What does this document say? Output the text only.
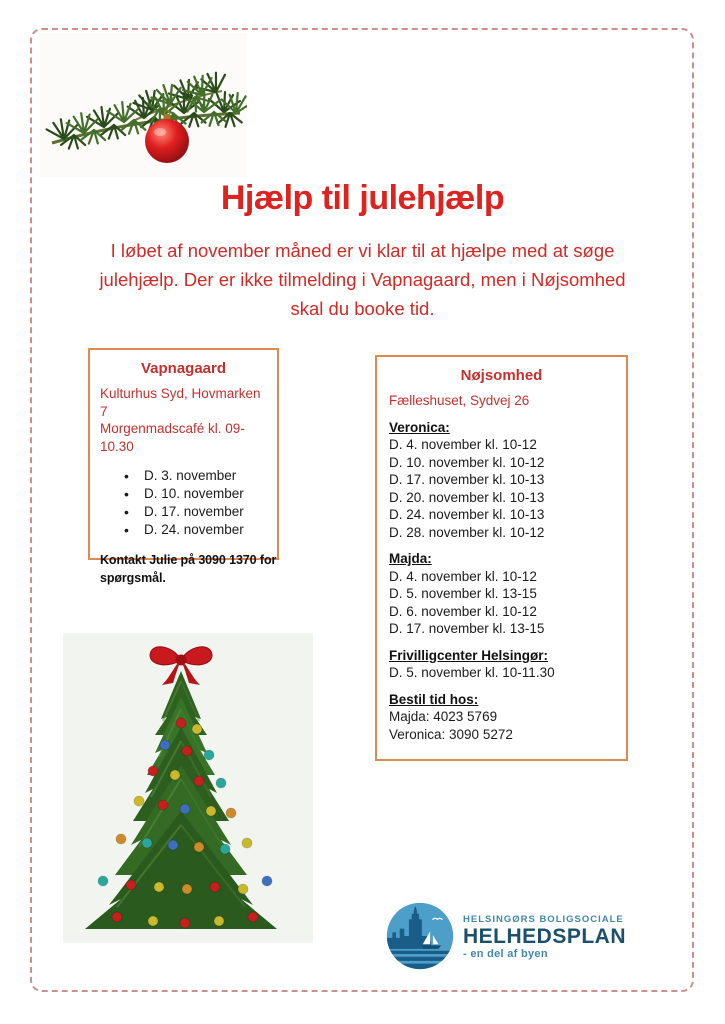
Hjælp til julehjælp
I løbet af november måned er vi klar til at hjælpe med at søge
julehjælp. Der er ikke tilmelding i Vapnagaard, men i Nøjsomhed
skal du booke tid.
Vapnagaard

Kulturhus Syd, Hovmarken 7

Morgenmadscafé kl. 09-10.30

• D. 3. november
• D. 10. november
• D. 17. november
• D. 24. november

Kontakt Julie på 3090 1370 for

spørgsmål.

Nøjsomhed

Fælleshuset, Sydvej 26

Veronica:
D. 4. november kl. 10-12
D. 10. november kl. 10-12
D. 17. november kl. 10-13
D. 20. november kl. 10-13
D. 24. november kl. 10-13
D. 28. november kl. 10-12
Majda:
D. 4. november kl. 10-12
D. 5. november kl. 13-15
D. 6. november kl. 10-12
D. 17. november kl. 13-15
Frivilligcenter Helsingør:
D. 5. november kl. 10-11.30
Bestil tid hos:
Majda: 4023 5769
Veronica: 3090 5272
HELSINGØRS BOLIGSOCIALE
HELHEDSPLAN
- en del af byen
